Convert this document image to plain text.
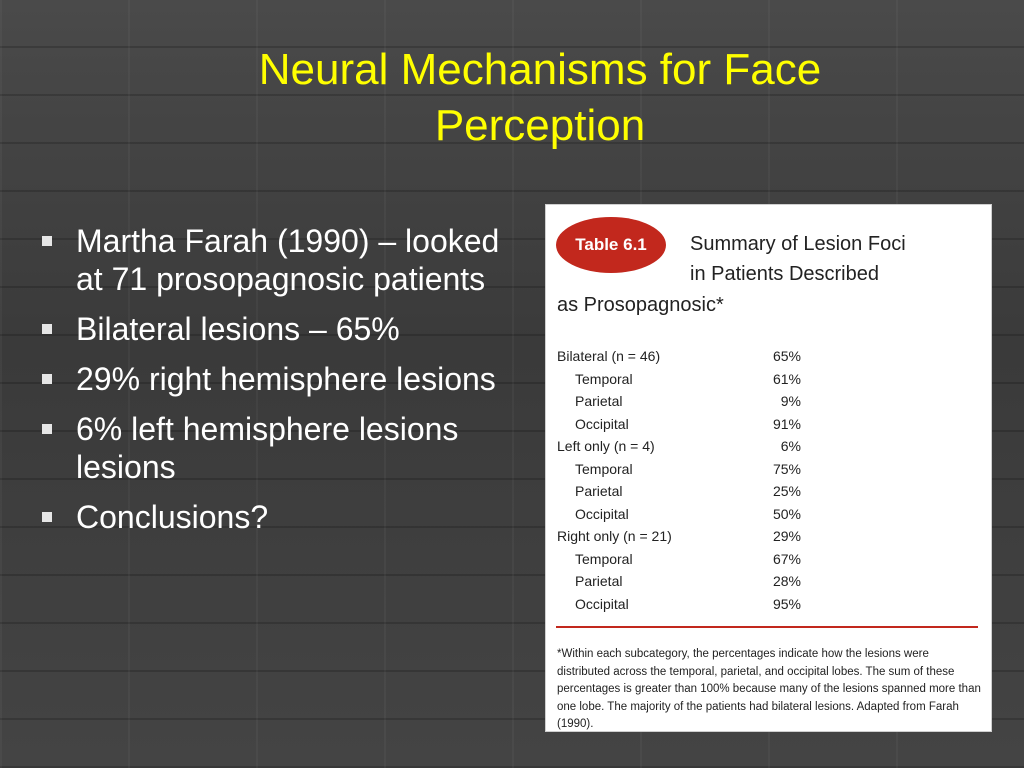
Neural Mechanisms for Face Perception
Martha Farah (1990) – looked at 71 prosopagnosic patients
Bilateral lesions – 65%
29% right hemisphere lesions
6% left hemisphere lesions lesions
Conclusions?
Table 6.1	Summary of Lesion Foci
in Patients Described
as Prosopagnosic*
Bilateral (n = 46)	65%
Temporal	61%
Parietal	9%
Occipital	91%
Left only (n = 4)	6%
Temporal	75%
Parietal	25%
Occipital	50%
Right only (n = 21)	29%
Temporal	67%
Parietal	28%
Occipital	95%

*Within each subcategory, the percentages indicate how the lesions were distributed across the temporal, parietal, and occipital lobes. The sum of these percentages is greater than 100% because many of the lesions spanned more than one lobe. The majority of the patients had bilateral lesions. Adapted from Farah (1990).
